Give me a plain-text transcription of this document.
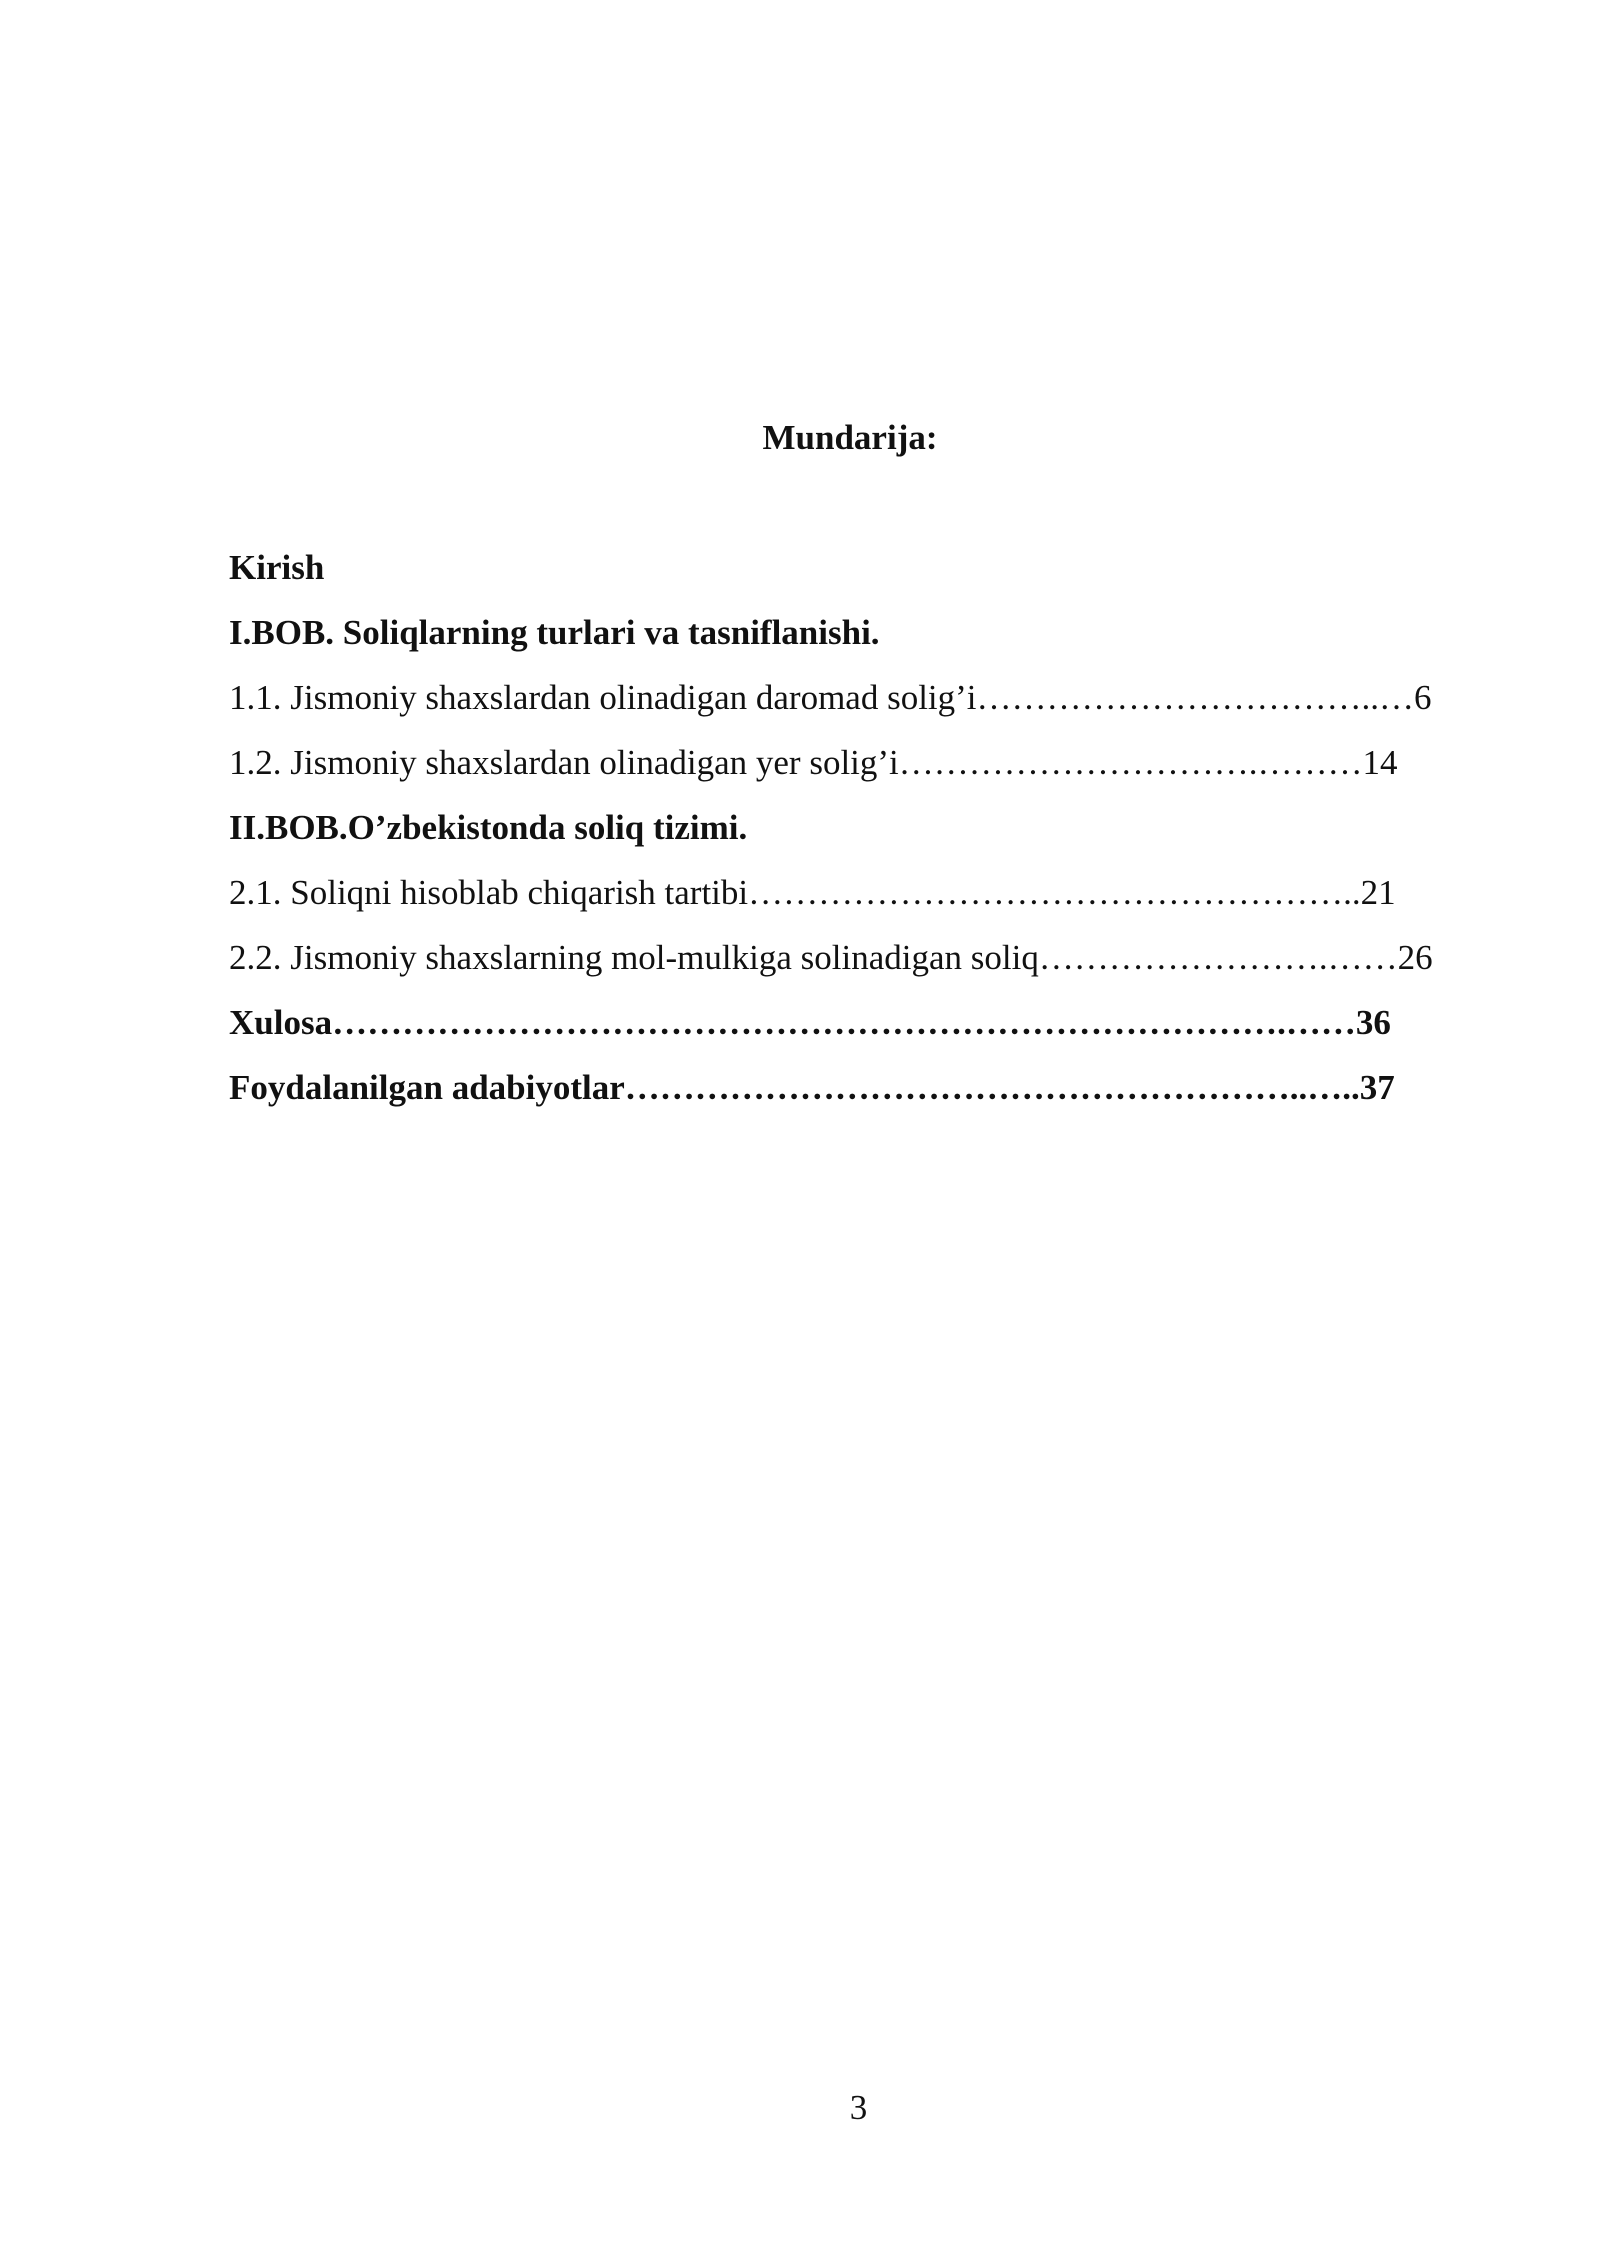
Mundarija:
Kirish
I.BOB. Soliqlarning turlari va tasniflanishi.
1.1. Jismoniy shaxslardan olinadigan daromad solig’i……………………………..…6
1.2. Jismoniy shaxslardan olinadigan yer solig’i………………………….………14
II.BOB.O’zbekistonda soliq tizimi.
2.1. Soliqni hisoblab chiqarish tartibi……………………………………………..21
2.2. Jismoniy shaxslarning mol-mulkiga solinadigan soliq…………………….……26
Xulosa……………………………………………………………………….……36
Foydalanilgan adabiyotlar…………………………………………………..…..37
3
